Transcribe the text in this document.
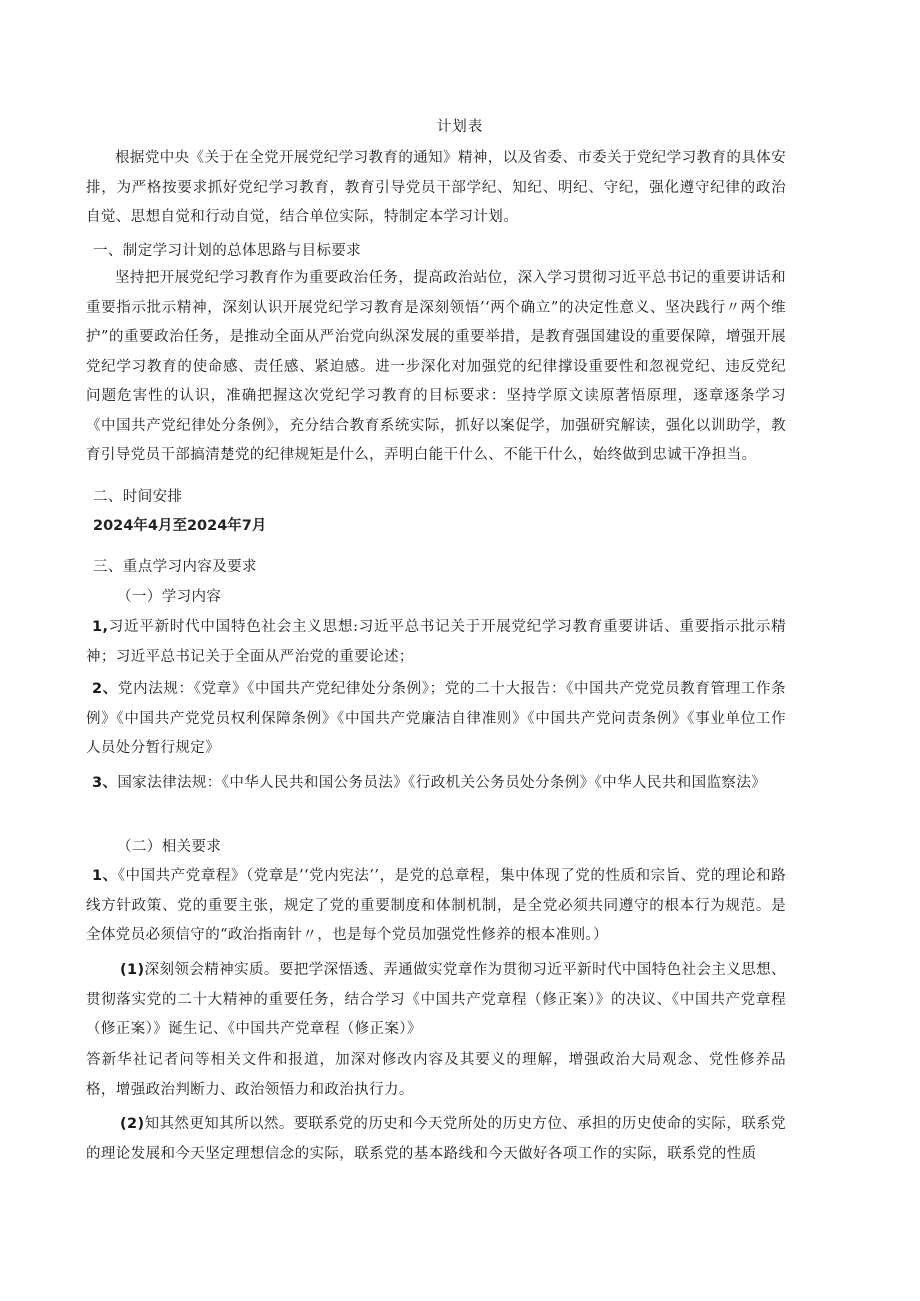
计划表

根据党中央《关于在全党开展党纪学习教育的通知》精神，以及省委、市委关于党纪学习教育的具体安排，为严格按要求抓好党纪学习教育，教育引导党员干部学纪、知纪、明纪、守纪，强化遵守纪律的政治自觉、思想自觉和行动自觉，结合单位实际，特制定本学习计划。

一、制定学习计划的总体思路与目标要求

坚持把开展党纪学习教育作为重要政治任务，提高政治站位，深入学习贯彻习近平总书记的重要讲话和重要指示批示精神，深刻认识开展党纪学习教育是深刻领悟’‘两个确立”的决定性意义、坚决践行〃两个维护”的重要政治任务，是推动全面从严治党向纵深发展的重要举措，是教育强国建设的重要保障，增强开展党纪学习教育的使命感、责任感、紧迫感。进一步深化对加强党的纪律撑设重要性和忽视党纪、违反党纪问题危害性的认识，准确把握这次党纪学习教育的目标要求：坚持学原文读原著悟原理，逐章逐条学习《中国共产党纪律处分条例》，充分结合教育系统实际，抓好以案促学，加强研究解读，强化以训助学，教育引导党员干部搞清楚党的纪律规矩是什么，弄明白能干什么、不能干什么，始终做到忠诚干净担当。

二、时间安排

2024年4月至2024年7月

三、重点学习内容及要求

（一）学习内容

1,习近平新时代中国特色社会主义思想:习近平总书记关于开展党纪学习教育重要讲话、重要指示批示精神；习近平总书记关于全面从严治党的重要论述；

2、党内法规：《党章》《中国共产党纪律处分条例》；党的二十大报告：《中国共产党党员教育管理工作条例》《中国共产党党员权利保障条例》《中国共产党廉洁自律准则》《中国共产党问责条例》《事业单位工作人员处分暂行规定》

3、国家法律法规：《中华人民共和国公务员法》《行政机关公务员处分条例》《中华人民共和国监察法》

（二）相关要求

1、《中国共产党章程》（党章是’‘党内宪法’’，是党的总章程，集中体现了党的性质和宗旨、党的理论和路线方针政策、党的重要主张，规定了党的重要制度和体制机制，是全党必须共同遵守的根本行为规范。是全体党员必须信守的“政治指南针〃，也是每个党员加强党性修养的根本准则。）

(1)深刻领会精神实质。要把学深悟透、弄通做实党章作为贯彻习近平新时代中国特色社会主义思想、贯彻落实党的二十大精神的重要任务，结合学习《中国共产党章程（修正案）》的决议、《中国共产党章程（修正案）》诞生记、《中国共产党章程（修正案）》

答新华社记者问等相关文件和报道，加深对修改内容及其要义的理解，增强政治大局观念、党性修养品格，增强政治判断力、政治领悟力和政治执行力。

(2)知其然更知其所以然。要联系党的历史和今天党所处的历史方位、承担的历史使命的实际，联系党的理论发展和今天坚定理想信念的实际，联系党的基本路线和今天做好各项工作的实际，联系党的性质
